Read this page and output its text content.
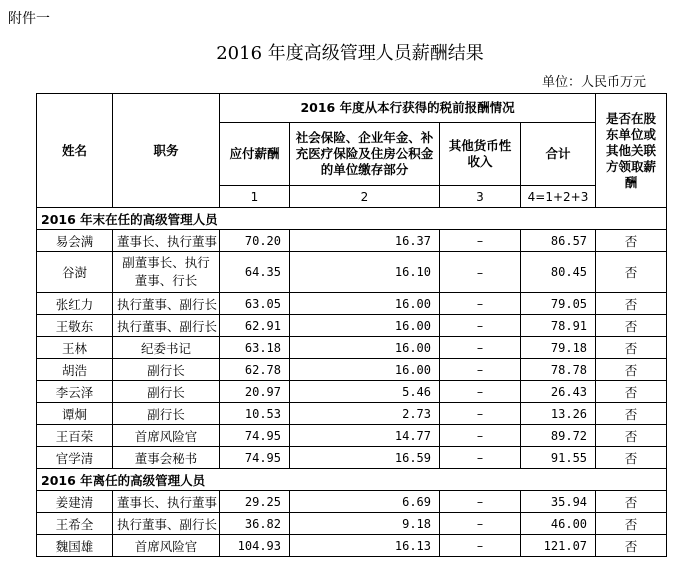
附件一
2016 年度高级管理人员薪酬结果
单位：人民币万元
姓名	职务	2016 年度从本行获得的税前报酬情况				是否在股东单位或其他关联方领取薪酬
		应付薪酬	社会保险、企业年金、补充医疗保险及住房公积金的单位缴存部分	其他货币性收入	合计	
		1	2	3	4=1+2+3	
2016 年末在任的高级管理人员						
易会满	董事长、执行董事	70.20	16.37	–	86.57	否
谷澍	副董事长、执行董事、行长	64.35	16.10	–	80.45	否
张红力	执行董事、副行长	63.05	16.00	–	79.05	否
王敬东	执行董事、副行长	62.91	16.00	–	78.91	否
王林	纪委书记	63.18	16.00	–	79.18	否
胡浩	副行长	62.78	16.00	–	78.78	否
李云泽	副行长	20.97	5.46	–	26.43	否
谭炯	副行长	10.53	2.73	–	13.26	否
王百荣	首席风险官	74.95	14.77	–	89.72	否
官学清	董事会秘书	74.95	16.59	–	91.55	否
2016 年离任的高级管理人员						
姜建清	董事长、执行董事	29.25	6.69	–	35.94	否
王希全	执行董事、副行长	36.82	9.18	–	46.00	否
魏国雄	首席风险官	104.93	16.13	–	121.07	否
